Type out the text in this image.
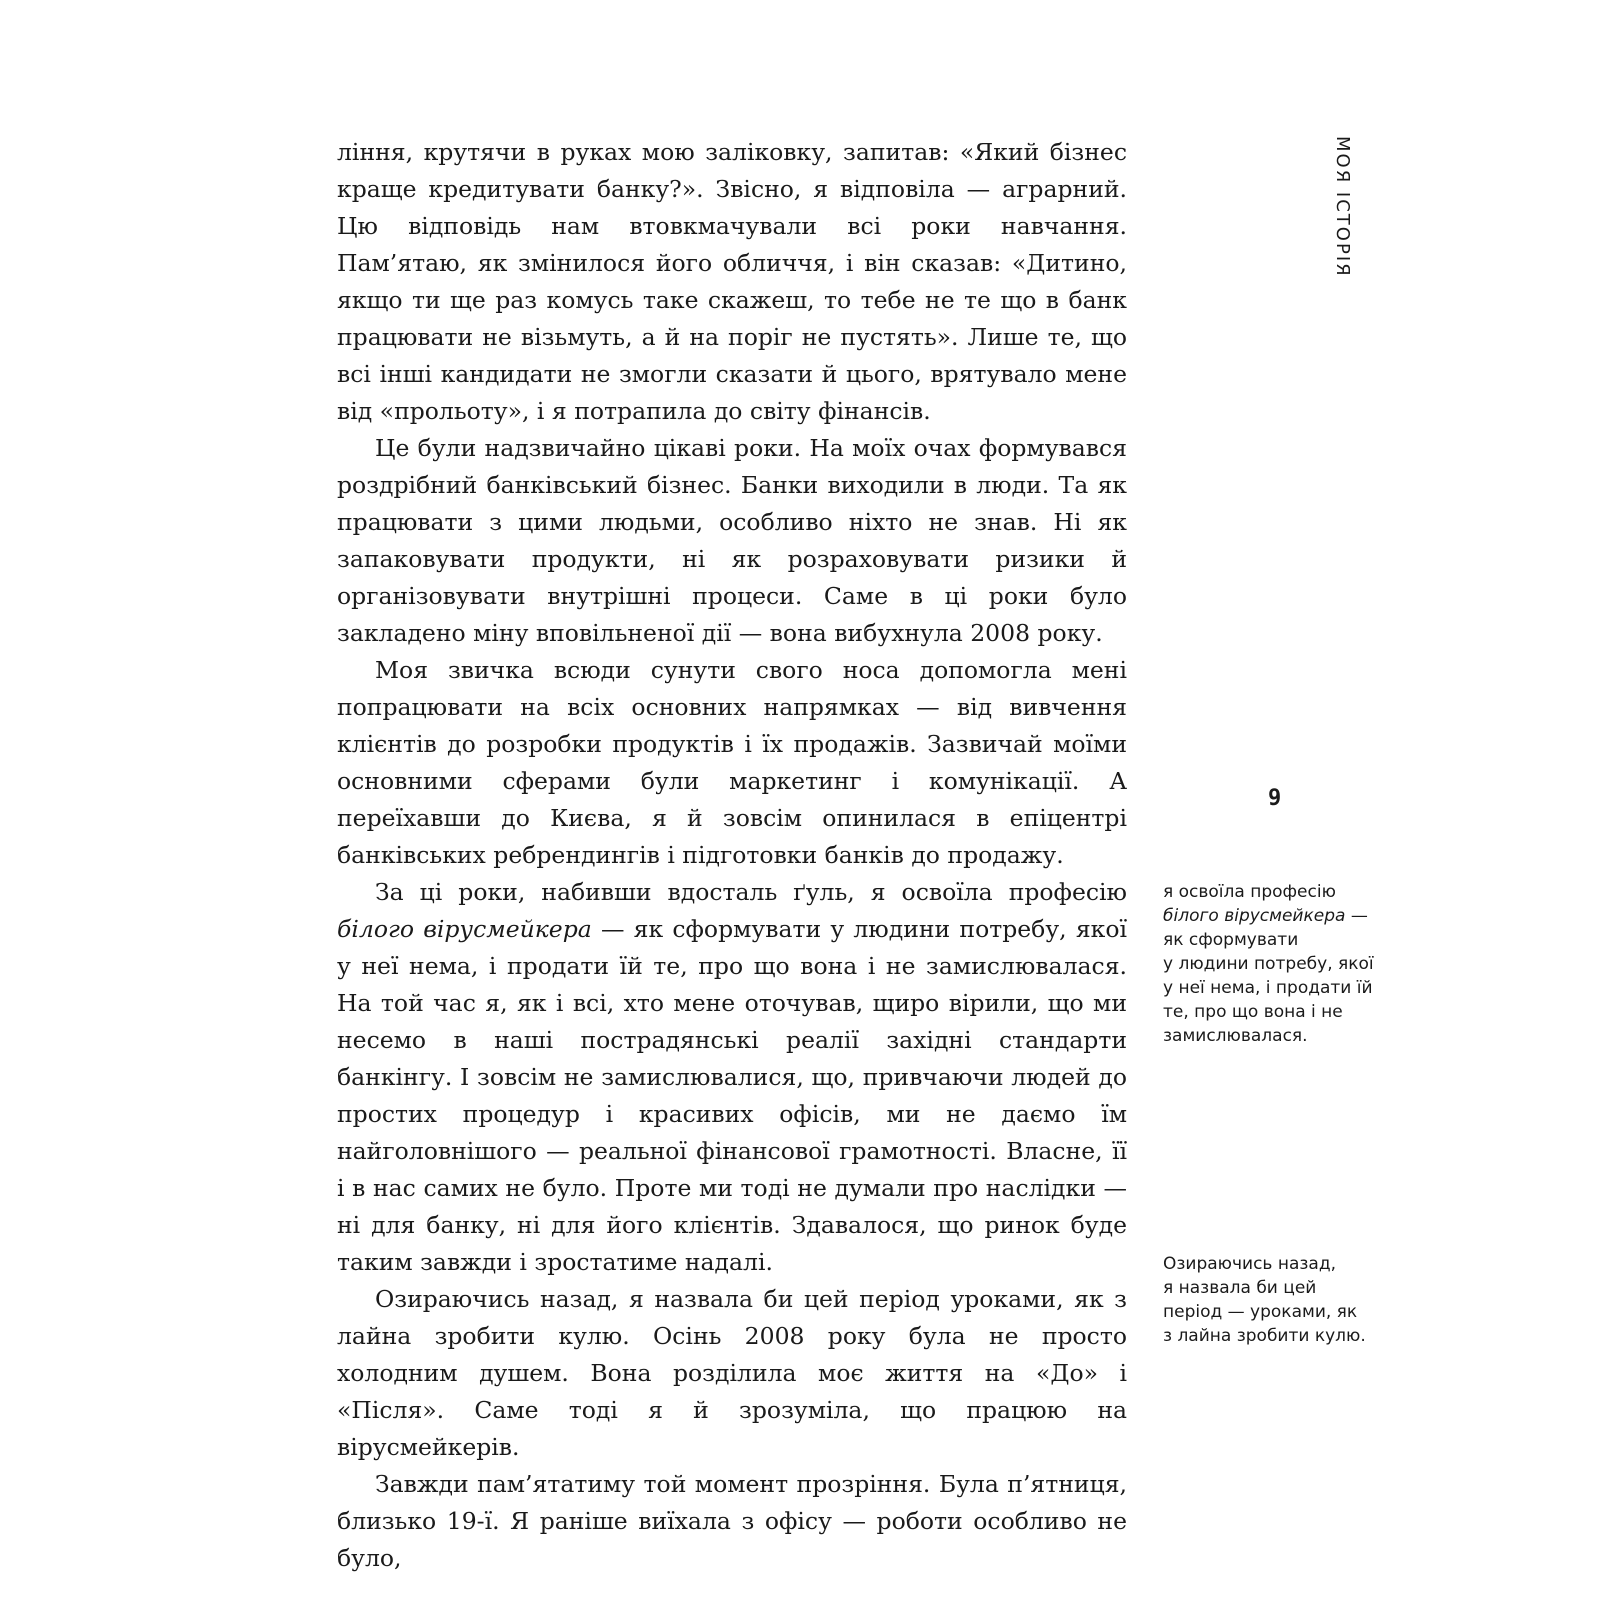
МОЯ ІСТОРІЯ
9

ління, крутячи в руках мою заліковку, запитав: «Який бізнес краще кредитувати банку?». Звісно, я відповіла — аграрний. Цю відповідь нам втовкмачували всі роки навчання. Пам’ятаю, як змінилося його обличчя, і він сказав: «Дитино, якщо ти ще раз комусь таке скажеш, то тебе не те що в банк працювати не візьмуть, а й на поріг не пустять». Лише те, що всі інші кандидати не змогли сказати й цього, врятувало мене від «прольоту», і я потрапила до світу фінансів.

Це були надзвичайно цікаві роки. На моїх очах формувався роздрібний банківський бізнес. Банки виходили в люди. Та як працювати з цими людьми, особливо ніхто не знав. Ні як запаковувати продукти, ні як розраховувати ризики й організовувати внутрішні процеси. Саме в ці роки було закладено міну вповільненої дії — вона вибухнула 2008 року.

Моя звичка всюди сунути свого носа допомогла мені попрацювати на всіх основних напрямках — від вивчення клієнтів до розробки продуктів і їх продажів. Зазвичай моїми основними сферами були маркетинг і комунікації. А переїхавши до Києва, я й зовсім опинилася в епіцентрі банківських ребрендингів і підготовки банків до продажу.

За ці роки, набивши вдосталь ґуль, я освоїла професію білого вірусмейкера — як сформувати у людини потребу, якої у неї нема, і продати їй те, про що вона і не замислювалася. На той час я, як і всі, хто мене оточував, щиро вірили, що ми несемо в наші пострадянські реалії західні стандарти банкінгу. І зовсім не замислювалися, що, привчаючи людей до простих процедур і красивих офісів, ми не даємо їм найголовнішого — реальної фінансової грамотності. Власне, її і в нас самих не було. Проте ми тоді не думали про наслідки — ні для банку, ні для його клієнтів. Здавалося, що ринок буде таким завжди і зростатиме надалі.

Озираючись назад, я назвала би цей період уроками, як з лайна зробити кулю. Осінь 2008 року була не просто холодним душем. Вона розділила моє життя на «До» і «Після». Саме тоді я й зрозуміла, що працюю на вірусмейкерів.

Завжди пам’ятатиму той момент прозріння. Була п’ятниця, близько 19-ї. Я раніше виїхала з офісу — роботи особливо не було,

я освоїла професію
білого вірусмейкера —
як сформувати
у людини потребу, якої
у неї нема, і продати їй
те, про що вона і не
замислювалася.
Озираючись назад,
я назвала би цей
період — уроками, як
з лайна зробити кулю.
